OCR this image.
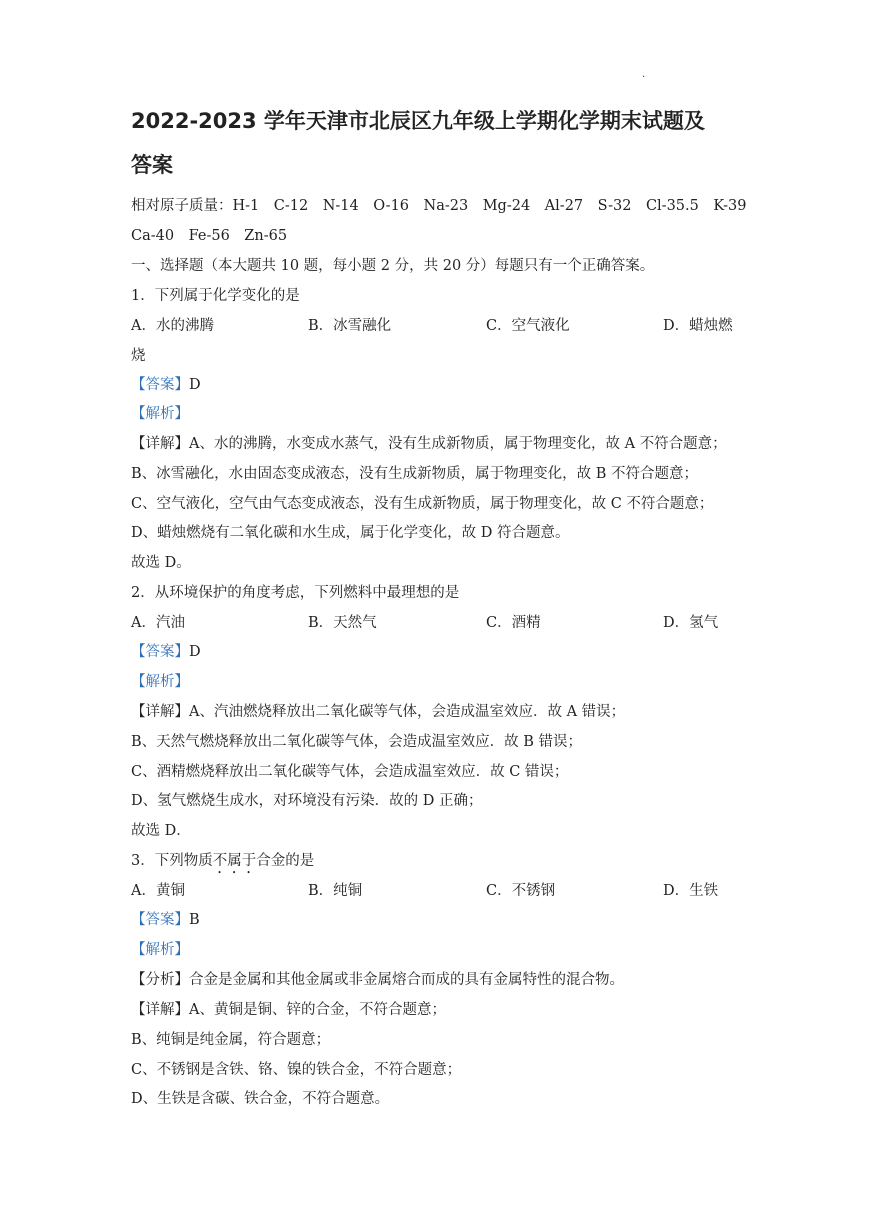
·
2022-2023 学年天津市北辰区九年级上学期化学期末试题及
答案
相对原子质量：H-1　C-12　N-14　O-16　Na-23　Mg-24　Al-27　S-32　Cl-35.5　K-39
Ca-40　Fe-56　Zn-65
一、选择题（本大题共 10 题，每小题 2 分，共 20 分）每题只有一个正确答案。
1．下列属于化学变化的是
A．水的沸腾	B．冰雪融化	C．空气液化	D．蜡烛燃
烧
【答案】D
【解析】
【详解】A、水的沸腾，水变成水蒸气，没有生成新物质，属于物理变化，故 A 不符合题意；
B、冰雪融化，水由固态变成液态，没有生成新物质，属于物理变化，故 B 不符合题意；
C、空气液化，空气由气态变成液态，没有生成新物质，属于物理变化，故 C 不符合题意；
D、蜡烛燃烧有二氧化碳和水生成，属于化学变化，故 D 符合题意。
故选 D。
2．从环境保护的角度考虑，下列燃料中最理想的是
A．汽油	B．天然气	C．酒精	D．氢气
【答案】D
【解析】
【详解】A、汽油燃烧释放出二氧化碳等气体，会造成温室效应．故 A 错误；
B、天然气燃烧释放出二氧化碳等气体，会造成温室效应．故 B 错误；
C、酒精燃烧释放出二氧化碳等气体，会造成温室效应．故 C 错误；
D、氢气燃烧生成水，对环境没有污染．故的 D 正确；
故选 D．
3．下列物质不属于合金的是
A．黄铜	B．纯铜	C．不锈钢	D．生铁
【答案】B
【解析】
【分析】合金是金属和其他金属或非金属熔合而成的具有金属特性的混合物。
【详解】A、黄铜是铜、锌的合金，不符合题意；
B、纯铜是纯金属，符合题意；
C、不锈钢是含铁、铬、镍的铁合金，不符合题意；
D、生铁是含碳、铁合金，不符合题意。
